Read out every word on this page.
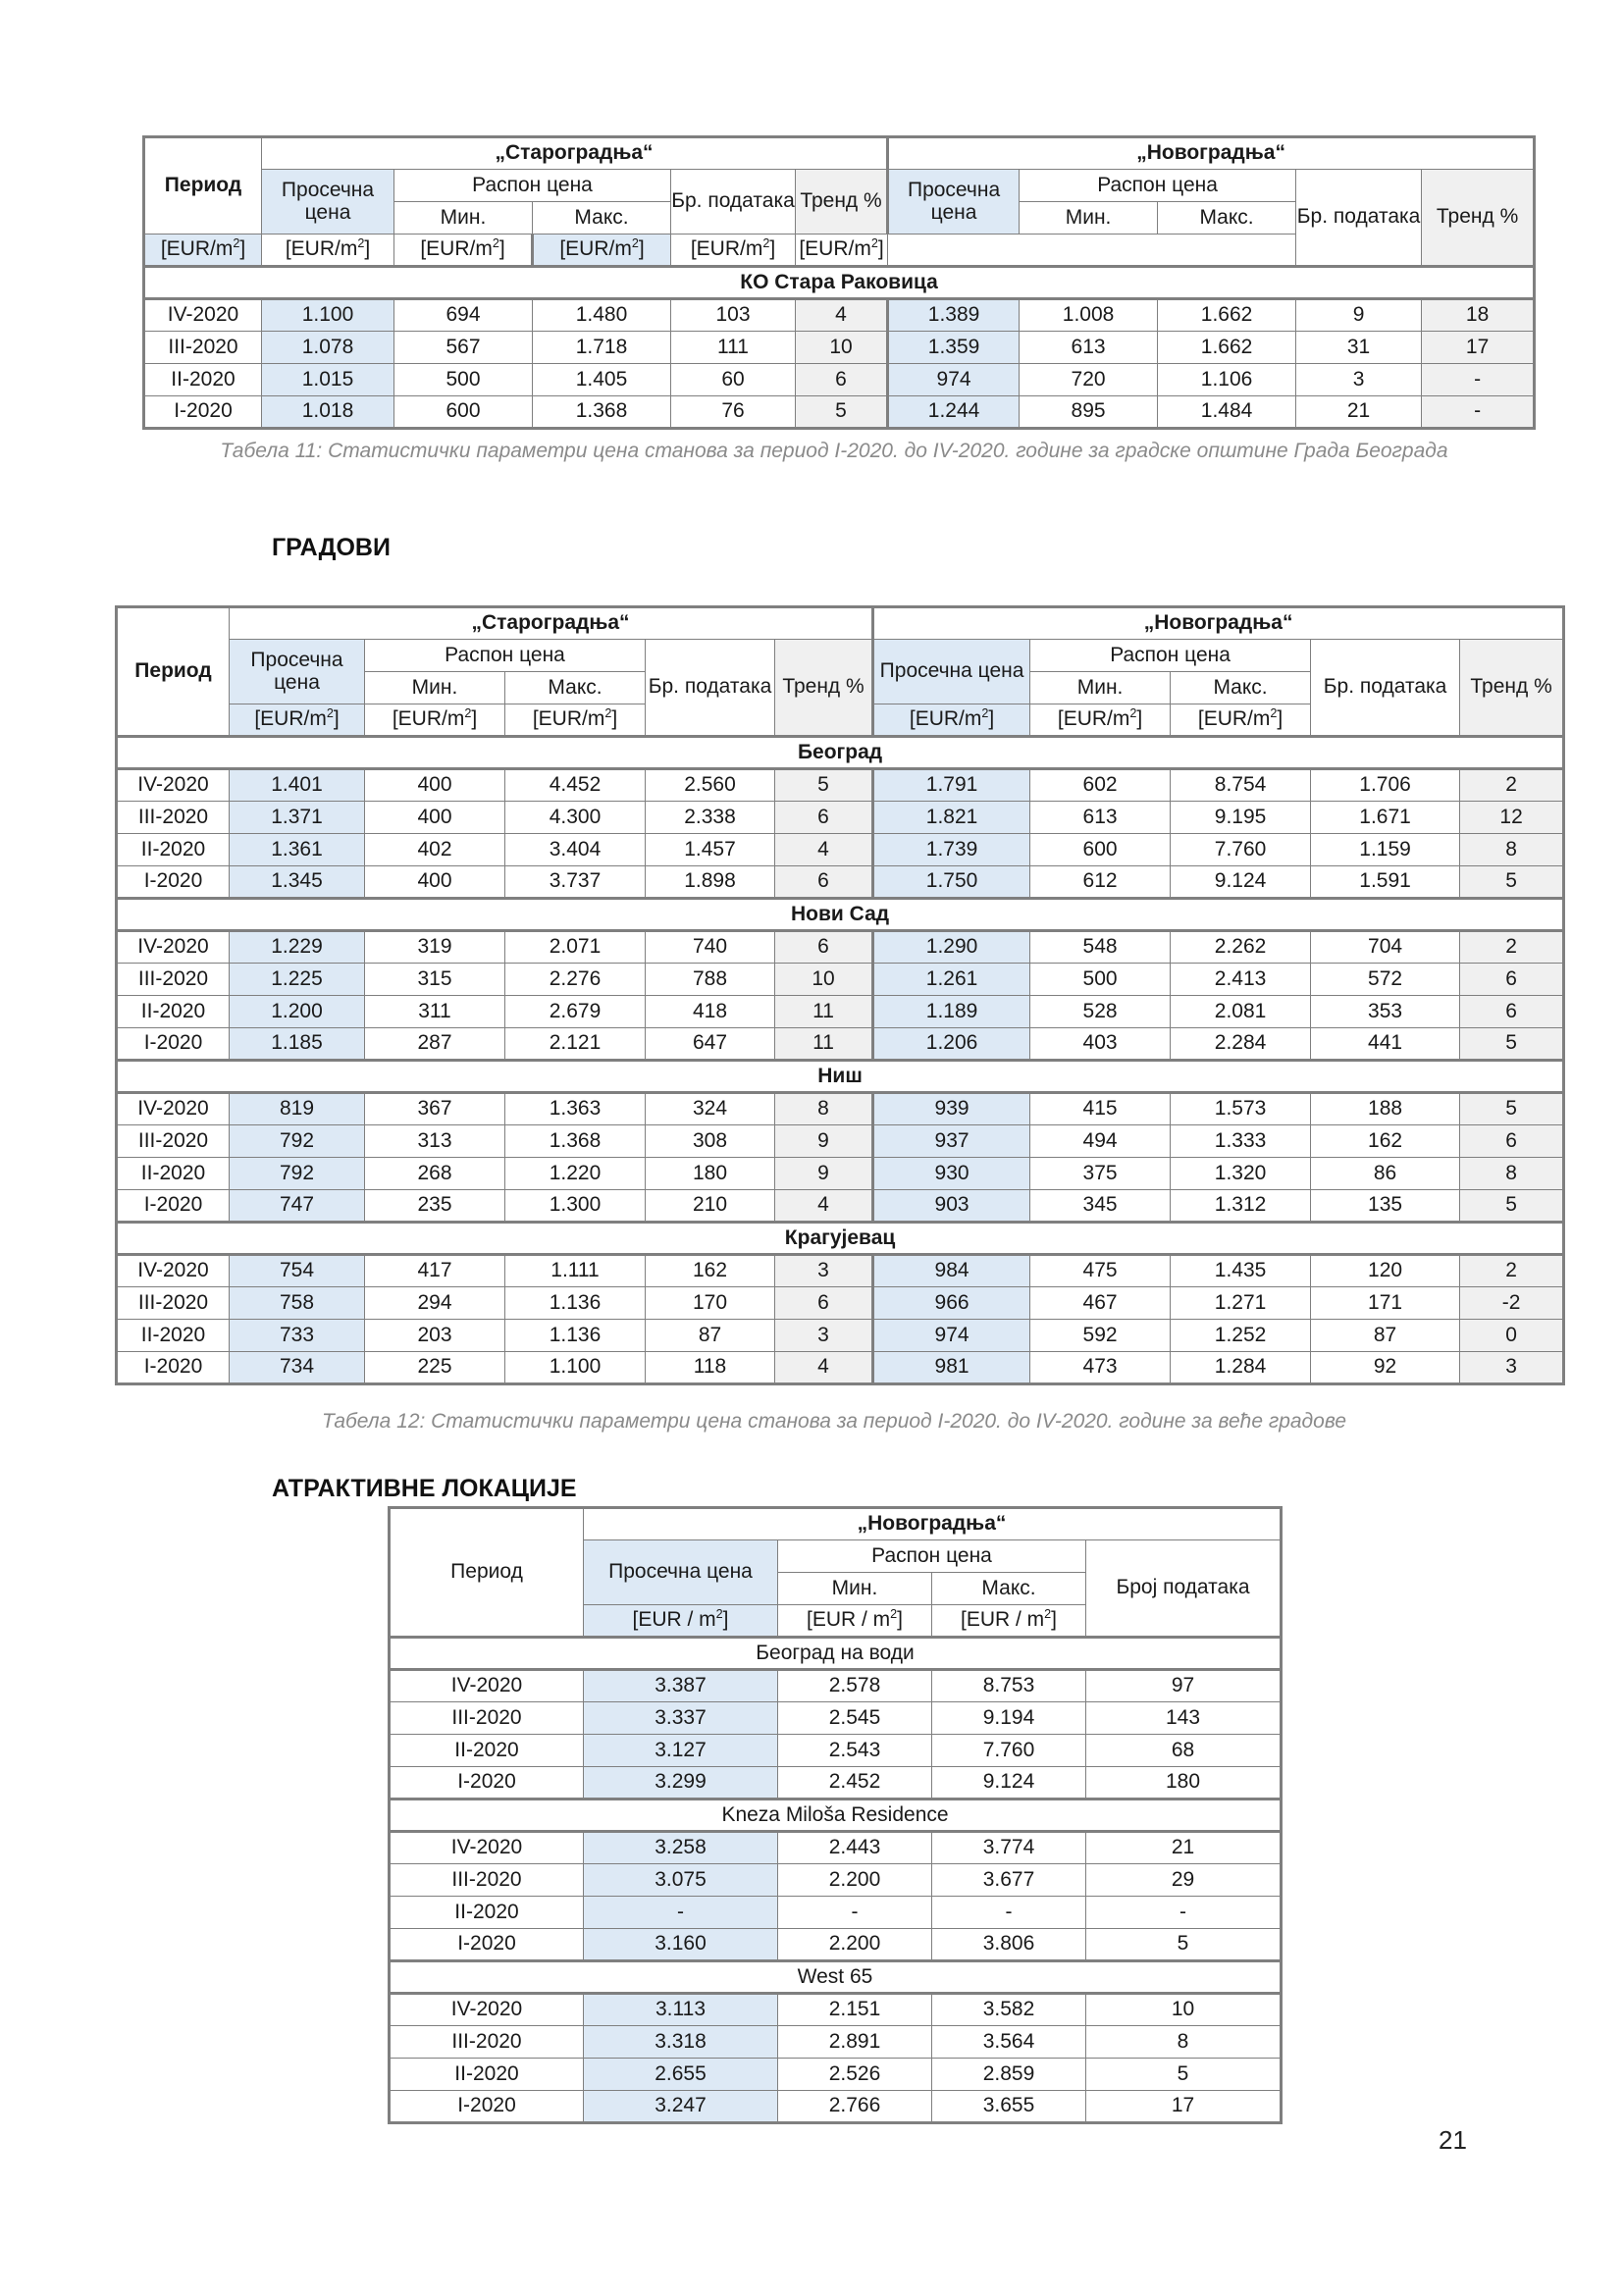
Период	„Староградња“					„Новоградња“				
	Просечна цена	Распон цена		Бр. података	Тренд %	Просечна цена	Распон цена		Бр. података	Тренд %
		Мин.	Макс.				Мин.	Макс.		
$[EUR/m^2]$	$[EUR/m^2]$	$[EUR/m^2]$	$[EUR/m^2]$	$[EUR/m^2]$	$[EUR/m^2]$					
КО Стара Раковица										
IV-2020	1.100	694	1.480	103	4	1.389	1.008	1.662	9	18
III-2020	1.078	567	1.718	111	10	1.359	613	1.662	31	17
II-2020	1.015	500	1.405	60	6	974	720	1.106	3	-
I-2020	1.018	600	1.368	76	5	1.244	895	1.484	21	-
Табела 11: Статистички параметри цена станова за период I-2020. до IV-2020. године за градске општине Града Београда
ГРАДОВИ
Период	„Староградња“					„Новоградња“				
	Просечна цена	Распон цена		Бр. података	Тренд %	Просечна цена	Распон цена		Бр. података	Тренд %
		Мин.	Макс.				Мин.	Макс.		
	$[EUR/m^2]$	$[EUR/m^2]$	$[EUR/m^2]$			$[EUR/m^2]$	$[EUR/m^2]$	$[EUR/m^2]$		
Београд										
IV-2020	1.401	400	4.452	2.560	5	1.791	602	8.754	1.706	2
III-2020	1.371	400	4.300	2.338	6	1.821	613	9.195	1.671	12
II-2020	1.361	402	3.404	1.457	4	1.739	600	7.760	1.159	8
I-2020	1.345	400	3.737	1.898	6	1.750	612	9.124	1.591	5
Нови Сад										
IV-2020	1.229	319	2.071	740	6	1.290	548	2.262	704	2
III-2020	1.225	315	2.276	788	10	1.261	500	2.413	572	6
II-2020	1.200	311	2.679	418	11	1.189	528	2.081	353	6
I-2020	1.185	287	2.121	647	11	1.206	403	2.284	441	5
Ниш										
IV-2020	819	367	1.363	324	8	939	415	1.573	188	5
III-2020	792	313	1.368	308	9	937	494	1.333	162	6
II-2020	792	268	1.220	180	9	930	375	1.320	86	8
I-2020	747	235	1.300	210	4	903	345	1.312	135	5
Крагујевац										
IV-2020	754	417	1.111	162	3	984	475	1.435	120	2
III-2020	758	294	1.136	170	6	966	467	1.271	171	-2
II-2020	733	203	1.136	87	3	974	592	1.252	87	0
I-2020	734	225	1.100	118	4	981	473	1.284	92	3
Табела 12: Статистички параметри цена станова за период I-2020. до IV-2020. године за веће градове
АТРАКТИВНЕ ЛОКАЦИЈЕ
Период	„Новоградња“			
	Просечна цена	Распон цена		Број података
		Мин.	Макс.	
	$[EUR / m^2]$	$[EUR / m^2]$	$[EUR / m^2]$	
Београд на води				
IV-2020	3.387	2.578	8.753	97
III-2020	3.337	2.545	9.194	143
II-2020	3.127	2.543	7.760	68
I-2020	3.299	2.452	9.124	180
Kneza Miloša Residence				
IV-2020	3.258	2.443	3.774	21
III-2020	3.075	2.200	3.677	29
II-2020	-	-	-	-
I-2020	3.160	2.200	3.806	5
West 65				
IV-2020	3.113	2.151	3.582	10
III-2020	3.318	2.891	3.564	8
II-2020	2.655	2.526	2.859	5
I-2020	3.247	2.766	3.655	17
21
